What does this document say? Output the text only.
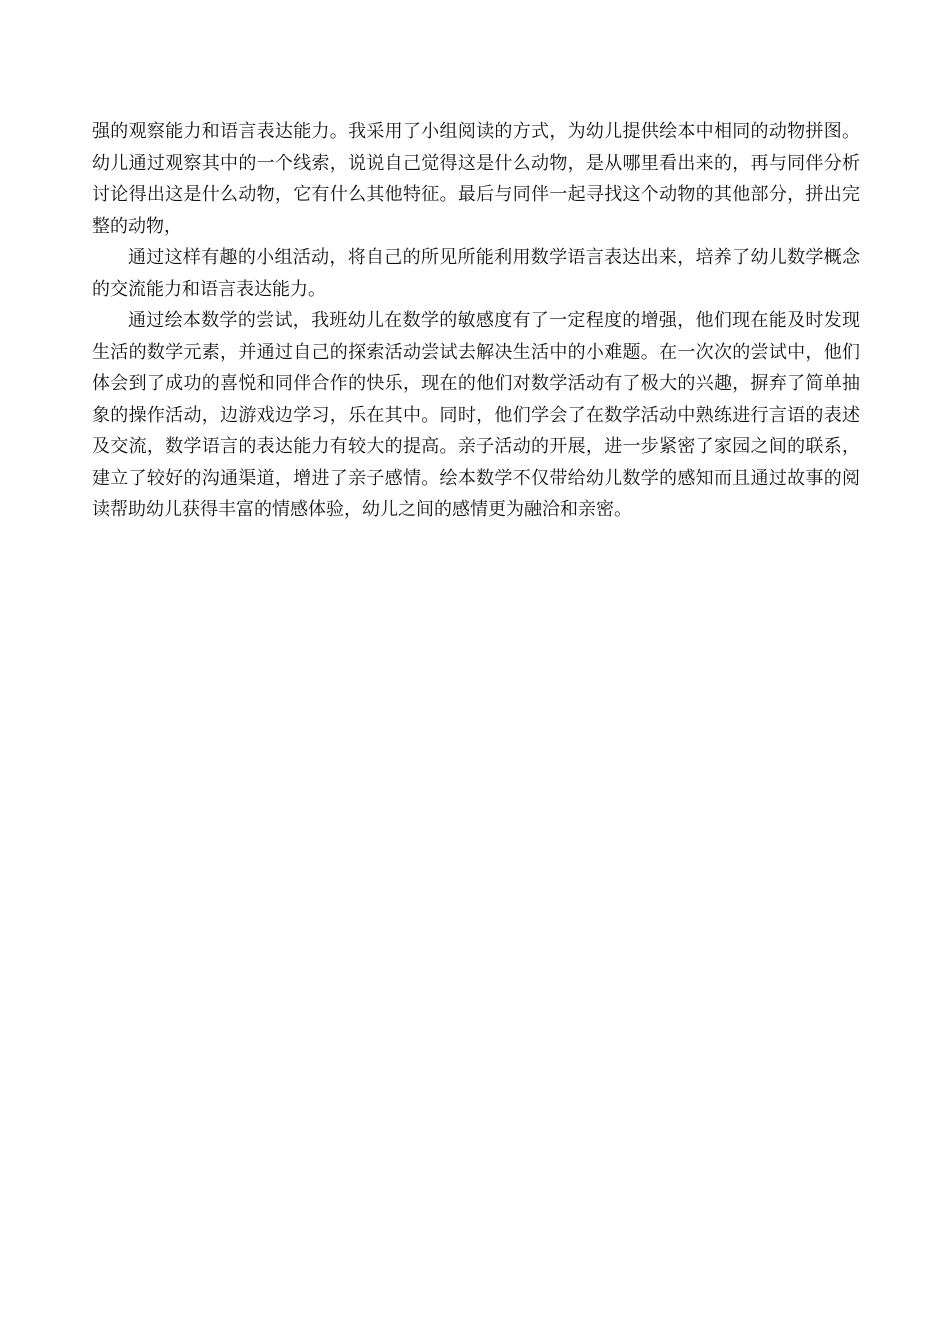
强的观察能力和语言表达能力。我采用了小组阅读的方式，为幼儿提供绘本中相同的动物拼图。幼儿通过观察其中的一个线索，说说自己觉得这是什么动物，是从哪里看出来的，再与同伴分析讨论得出这是什么动物，它有什么其他特征。最后与同伴一起寻找这个动物的其他部分，拼出完整的动物，

通过这样有趣的小组活动，将自己的所见所能利用数学语言表达出来，培养了幼儿数学概念的交流能力和语言表达能力。

通过绘本数学的尝试，我班幼儿在数学的敏感度有了一定程度的增强，他们现在能及时发现生活的数学元素，并通过自己的探索活动尝试去解决生活中的小难题。在一次次的尝试中，他们体会到了成功的喜悦和同伴合作的快乐，现在的他们对数学活动有了极大的兴趣，摒弃了简单抽象的操作活动，边游戏边学习，乐在其中。同时，他们学会了在数学活动中熟练进行言语的表述及交流，数学语言的表达能力有较大的提高。亲子活动的开展，进一步紧密了家园之间的联系，建立了较好的沟通渠道，增进了亲子感情。绘本数学不仅带给幼儿数学的感知而且通过故事的阅读帮助幼儿获得丰富的情感体验，幼儿之间的感情更为融洽和亲密。
